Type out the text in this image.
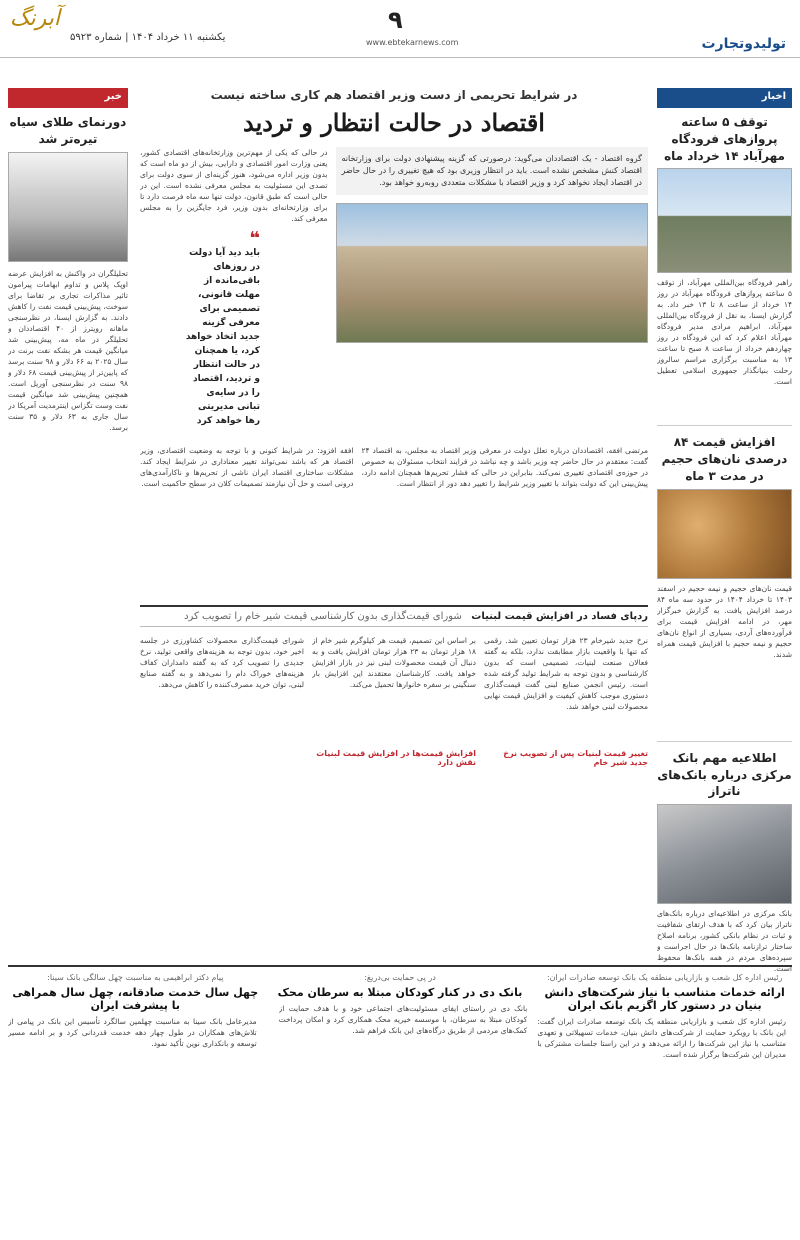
آبرنگ
یکشنبه ۱۱ خرداد ۱۴۰۴ | شماره ۵۹۲۳
۹
www.ebtekarnews.com	تولیدوتجارت
اخبار
توقف ۵ ساعته پروازهای فرودگاه مهرآباد ۱۴ خرداد ماه

راهبر فرودگاه بین‌المللی مهرآباد، از توقف ۵ ساعته پروازهای فرودگاه مهرآباد در روز ۱۴ خرداد از ساعت ۸ تا ۱۳ خبر داد. به گزارش ایسنا، به نقل از فرودگاه بین‌المللی مهرآباد، ابراهیم مرادی مدیر فرودگاه مهرآباد اعلام کرد که این فرودگاه در روز چهاردهم خرداد از ساعت ۸ صبح تا ساعت ۱۳ به مناسبت برگزاری مراسم سالروز رحلت بنیانگذار جمهوری اسلامی تعطیل است.

افزایش قیمت ۸۴ درصدی نان‌های حجیم در مدت ۳ ماه

قیمت نان‌های حجیم و نیمه حجیم در اسفند ۱۴۰۳ تا خرداد ۱۴۰۴ در حدود سه ماه ۸۴ درصد افزایش یافت. به گزارش خبرگزار مهر، در ادامه افزایش قیمت برای فرآورده‌های آردی، بسیاری از انواع نان‌های حجیم و نیمه حجیم با افزایش قیمت همراه شدند.

اطلاعیه مهم بانک مرکزی درباره بانک‌های ناتراز

بانک مرکزی در اطلاعیه‌ای درباره بانک‌های ناتراز بیان کرد که با هدف ارتقای شفافیت و ثبات در نظام بانکی کشور، برنامه اصلاح ساختار ترازنامه بانک‌ها در حال اجراست و سپرده‌های مردم در همه بانک‌ها محفوظ است.

خبر
دورنمای طلای سیاه تیره‌تر شد

تحلیلگران در واکنش به افزایش عرضه اوپک پلاس و تداوم ابهامات پیرامون تاثیر مذاکرات تجاری بر تقاضا برای سوخت، پیش‌بینی قیمت نفت را کاهش دادند. به گزارش ایسنا، در نظرسنجی ماهانه رویترز از ۴۰ اقتصاددان و تحلیلگر در ماه مه، پیش‌بینی شد میانگین قیمت هر بشکه نفت برنت در سال ۲۰۲۵ به ۶۶ دلار و ۹۸ سنت برسد که پایین‌تر از پیش‌بینی قیمت ۶۸ دلار و ۹۸ سنت در نظرسنجی آوریل است. همچنین پیش‌بینی شد میانگین قیمت نفت وست تگزاس اینترمدیت آمریکا در سال جاری به ۶۳ دلار و ۳۵ سنت برسد.

در شرایط تحریمی از دست وزیر اقتصاد هم کاری ساخته نیست
اقتصاد در حالت انتظار و تردید

گروه اقتصاد - یک اقتصاددان می‌گوید: درصورتی که گزینه پیشنهادی دولت برای وزارتخانه اقتصاد کنش مشخص نشده است. باید در انتظار وزیری بود که هیچ تغییری را در حال حاضر در اقتصاد ایجاد نخواهد کرد و وزیر اقتصاد با مشکلات متعددی روبه‌رو خواهد بود.

در حالی که یکی از مهم‌ترین وزارتخانه‌های اقتصادی کشور، یعنی وزارت امور اقتصادی و دارایی، بیش از دو ماه است که بدون وزیر اداره می‌شود، هنوز گزینه‌ای از سوی دولت برای تصدی این مسئولیت به مجلس معرفی نشده است. این در حالی است که طبق قانون، دولت تنها سه ماه فرصت دارد تا برای وزارتخانه‌ای بدون وزیر، فرد جایگزین را به مجلس معرفی کند.

مرتضی افقه، اقتصاددان درباره تعلل دولت در معرفی وزیر اقتصاد به مجلس، به اقتصاد ۲۴ گفت: معتقدم در حال حاضر چه وزیر باشد و چه نباشد در فرایند انتخاب مسئولان به خصوص در حوزه‌ی اقتصادی تغییری نمی‌کند. بنابراین در حالی که فشار تحریم‌ها همچنان ادامه دارد، پیش‌بینی این که دولت بتواند با تغییر وزیر شرایط را تغییر دهد دور از انتظار است.

افقه افزود: در شرایط کنونی و با توجه به وضعیت اقتصادی، وزیر اقتصاد هر که باشد نمی‌تواند تغییر معناداری در شرایط ایجاد کند. مشکلات ساختاری اقتصاد ایران ناشی از تحریم‌ها و ناکارآمدی‌های درونی است و حل آن نیازمند تصمیمات کلان در سطح حاکمیت است.

ردپای فساد در افزایش قیمت لبنیات شورای قیمت‌گذاری بدون کارشناسی قیمت شیر خام را تصویب کرد

نرخ جدید شیرخام ۲۳ هزار تومان تعیین شد. رقمی که تنها با واقعیت بازار مطابقت ندارد، بلکه به گفته فعالان صنعت لبنیات، تصمیمی است که بدون کارشناسی و بدون توجه به شرایط تولید گرفته شده است. رئیس انجمن صنایع لبنی گفت قیمت‌گذاری دستوری موجب کاهش کیفیت و افزایش قیمت نهایی محصولات لبنی خواهد شد.

تغییر قیمت لبنیات پس از تصویب نرخ جدید شیر خام

بر اساس این تصمیم، قیمت هر کیلوگرم شیر خام از ۱۸ هزار تومان به ۲۳ هزار تومان افزایش یافت و به دنبال آن قیمت محصولات لبنی نیز در بازار افزایش خواهد یافت. کارشناسان معتقدند این افزایش بار سنگینی بر سفره خانوارها تحمیل می‌کند.

افزایش قیمت‌ها در افزایش قیمت لبنیات نقش دارد

شورای قیمت‌گذاری محصولات کشاورزی در جلسه اخیر خود، بدون توجه به هزینه‌های واقعی تولید، نرخ جدیدی را تصویب کرد که به گفته دامداران کفاف هزینه‌های خوراک دام را نمی‌دهد و به گفته صنایع لبنی، توان خرید مصرف‌کننده را کاهش می‌دهد.

❝
باید دید آیا دولت در روزهای باقی‌مانده از مهلت قانونی، تصمیمی برای معرفی گزینه جدید اتخاذ خواهد کرد، یا همچنان در حالت انتظار و تردید، اقتصاد را در سایه‌ی تبانی مدیریتی رها خواهد کرد
رئیس اداره کل شعب و بازاریابی منطقه یک بانک توسعه صادرات ایران:
ارائه خدمات متناسب با نیاز شرکت‌های دانش بنیان در دستور کار اگزیم بانک ایران

رئیس اداره کل شعب و بازاریابی منطقه یک بانک توسعه صادرات ایران گفت: این بانک با رویکرد حمایت از شرکت‌های دانش بنیان، خدمات تسهیلاتی و تعهدی متناسب با نیاز این شرکت‌ها را ارائه می‌دهد و در این راستا جلسات مشترکی با مدیران این شرکت‌ها برگزار شده است.

در پی حمایت بی‌دریغ:
بانک دی در کنار کودکان مبتلا به سرطان محک

بانک دی در راستای ایفای مسئولیت‌های اجتماعی خود و با هدف حمایت از کودکان مبتلا به سرطان، با موسسه خیریه محک همکاری کرد و امکان پرداخت کمک‌های مردمی از طریق درگاه‌های این بانک فراهم شد.

پیام دکتر ابراهیمی به مناسبت چهل سالگی بانک سینا:
چهل سال خدمت صادقانه، چهل سال همراهی با پیشرفت ایران

مدیرعامل بانک سینا به مناسبت چهلمین سالگرد تأسیس این بانک در پیامی از تلاش‌های همکاران در طول چهار دهه خدمت قدردانی کرد و بر ادامه مسیر توسعه و بانکداری نوین تأکید نمود.
